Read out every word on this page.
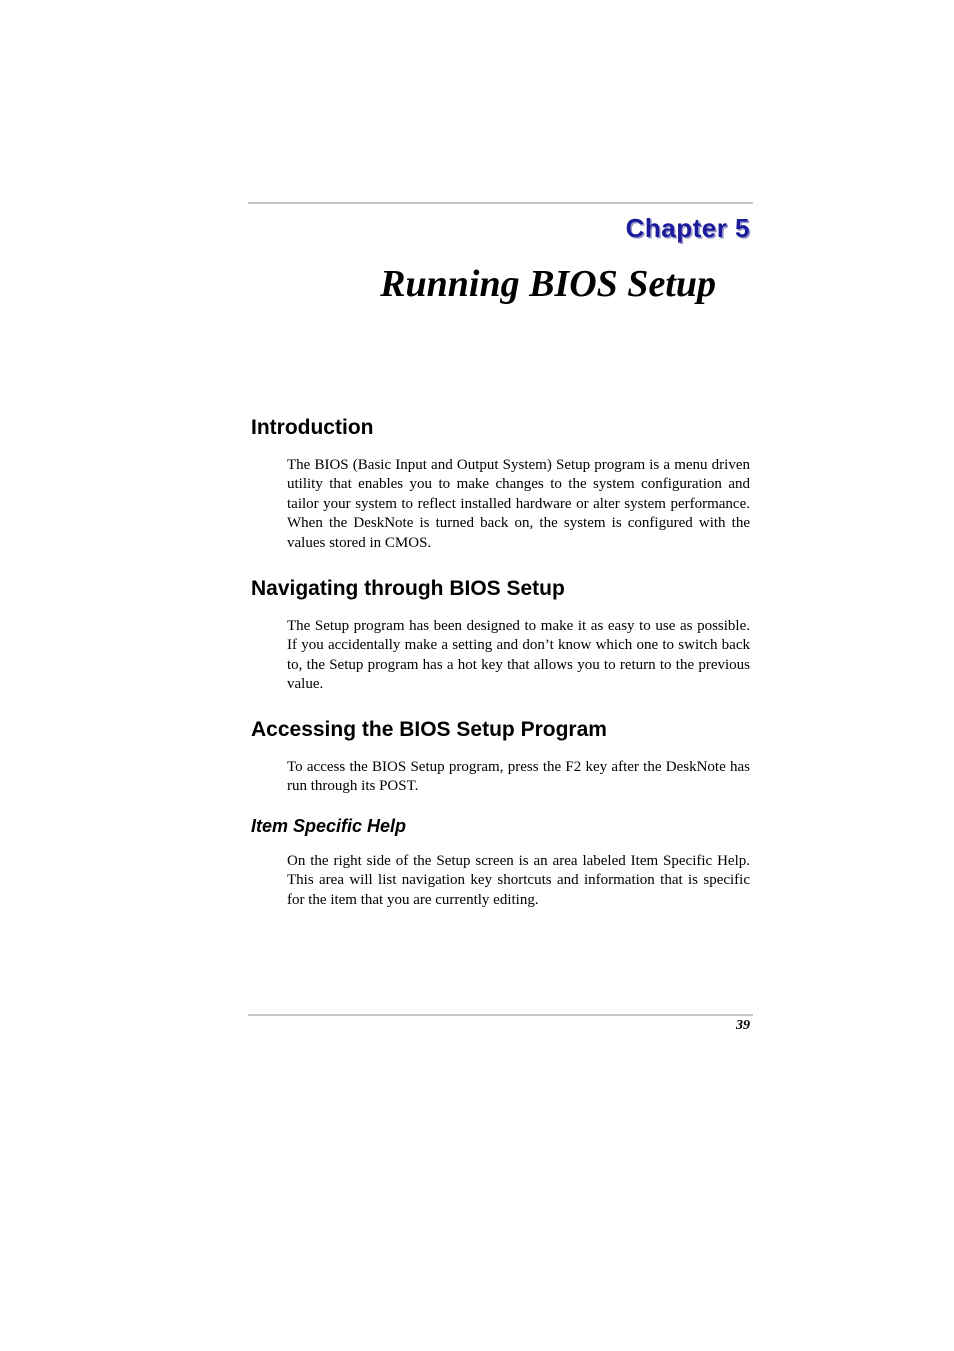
Chapter 5
Running BIOS Setup
Introduction

The BIOS (Basic Input and Output System) Setup program is a menu driven utility that enables you to make changes to the system configuration and tailor your system to reflect installed hardware or alter system performance. When the DeskNote is turned back on, the system is configured with the values stored in CMOS.

Navigating through BIOS Setup

The Setup program has been designed to make it as easy to use as possible. If you accidentally make a setting and don’t know which one to switch back to, the Setup program has a hot key that allows you to return to the previous value.

Accessing the BIOS Setup Program

To access the BIOS Setup program, press the F2 key after the DeskNote has run through its POST.

Item Specific Help

On the right side of the Setup screen is an area labeled Item Specific Help. This area will list navigation key shortcuts and information that is specific for the item that you are currently editing.

39
